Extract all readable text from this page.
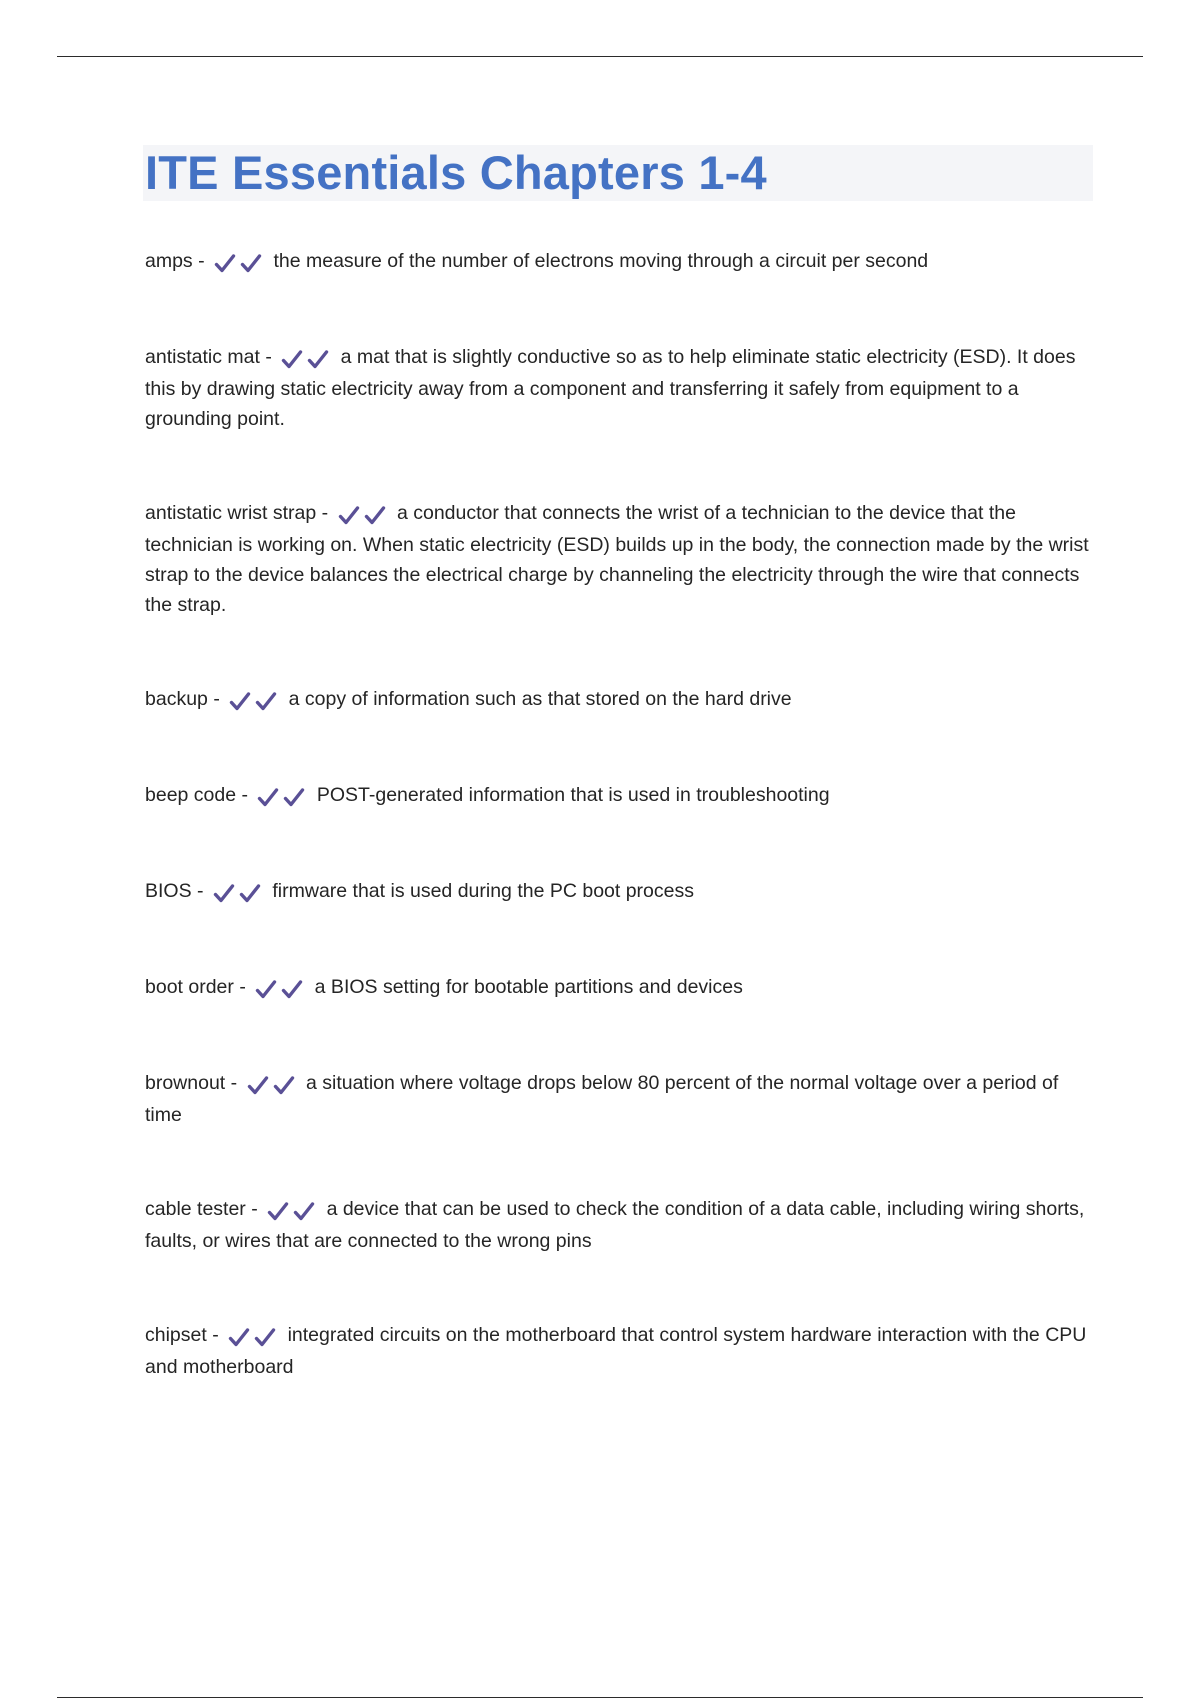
ITE Essentials Chapters 1-4
amps -	the measure of the number of electrons moving through a circuit per second
antistatic mat -	a mat that is slightly conductive so as to help eliminate static electricity (ESD). It does this by drawing static electricity away from a component and transferring it safely from equipment to a grounding point.
antistatic wrist strap -	a conductor that connects the wrist of a technician to the device that the technician is working on. When static electricity (ESD) builds up in the body, the connection made by the wrist strap to the device balances the electrical charge by channeling the electricity through the wire that connects the strap.
backup -	a copy of information such as that stored on the hard drive
beep code -	POST-generated information that is used in troubleshooting
BIOS -	firmware that is used during the PC boot process
boot order -	a BIOS setting for bootable partitions and devices
brownout -	a situation where voltage drops below 80 percent of the normal voltage over a period of time
cable tester -	a device that can be used to check the condition of a data cable, including wiring shorts, faults, or wires that are connected to the wrong pins
chipset -	integrated circuits on the motherboard that control system hardware interaction with the CPU and motherboard
